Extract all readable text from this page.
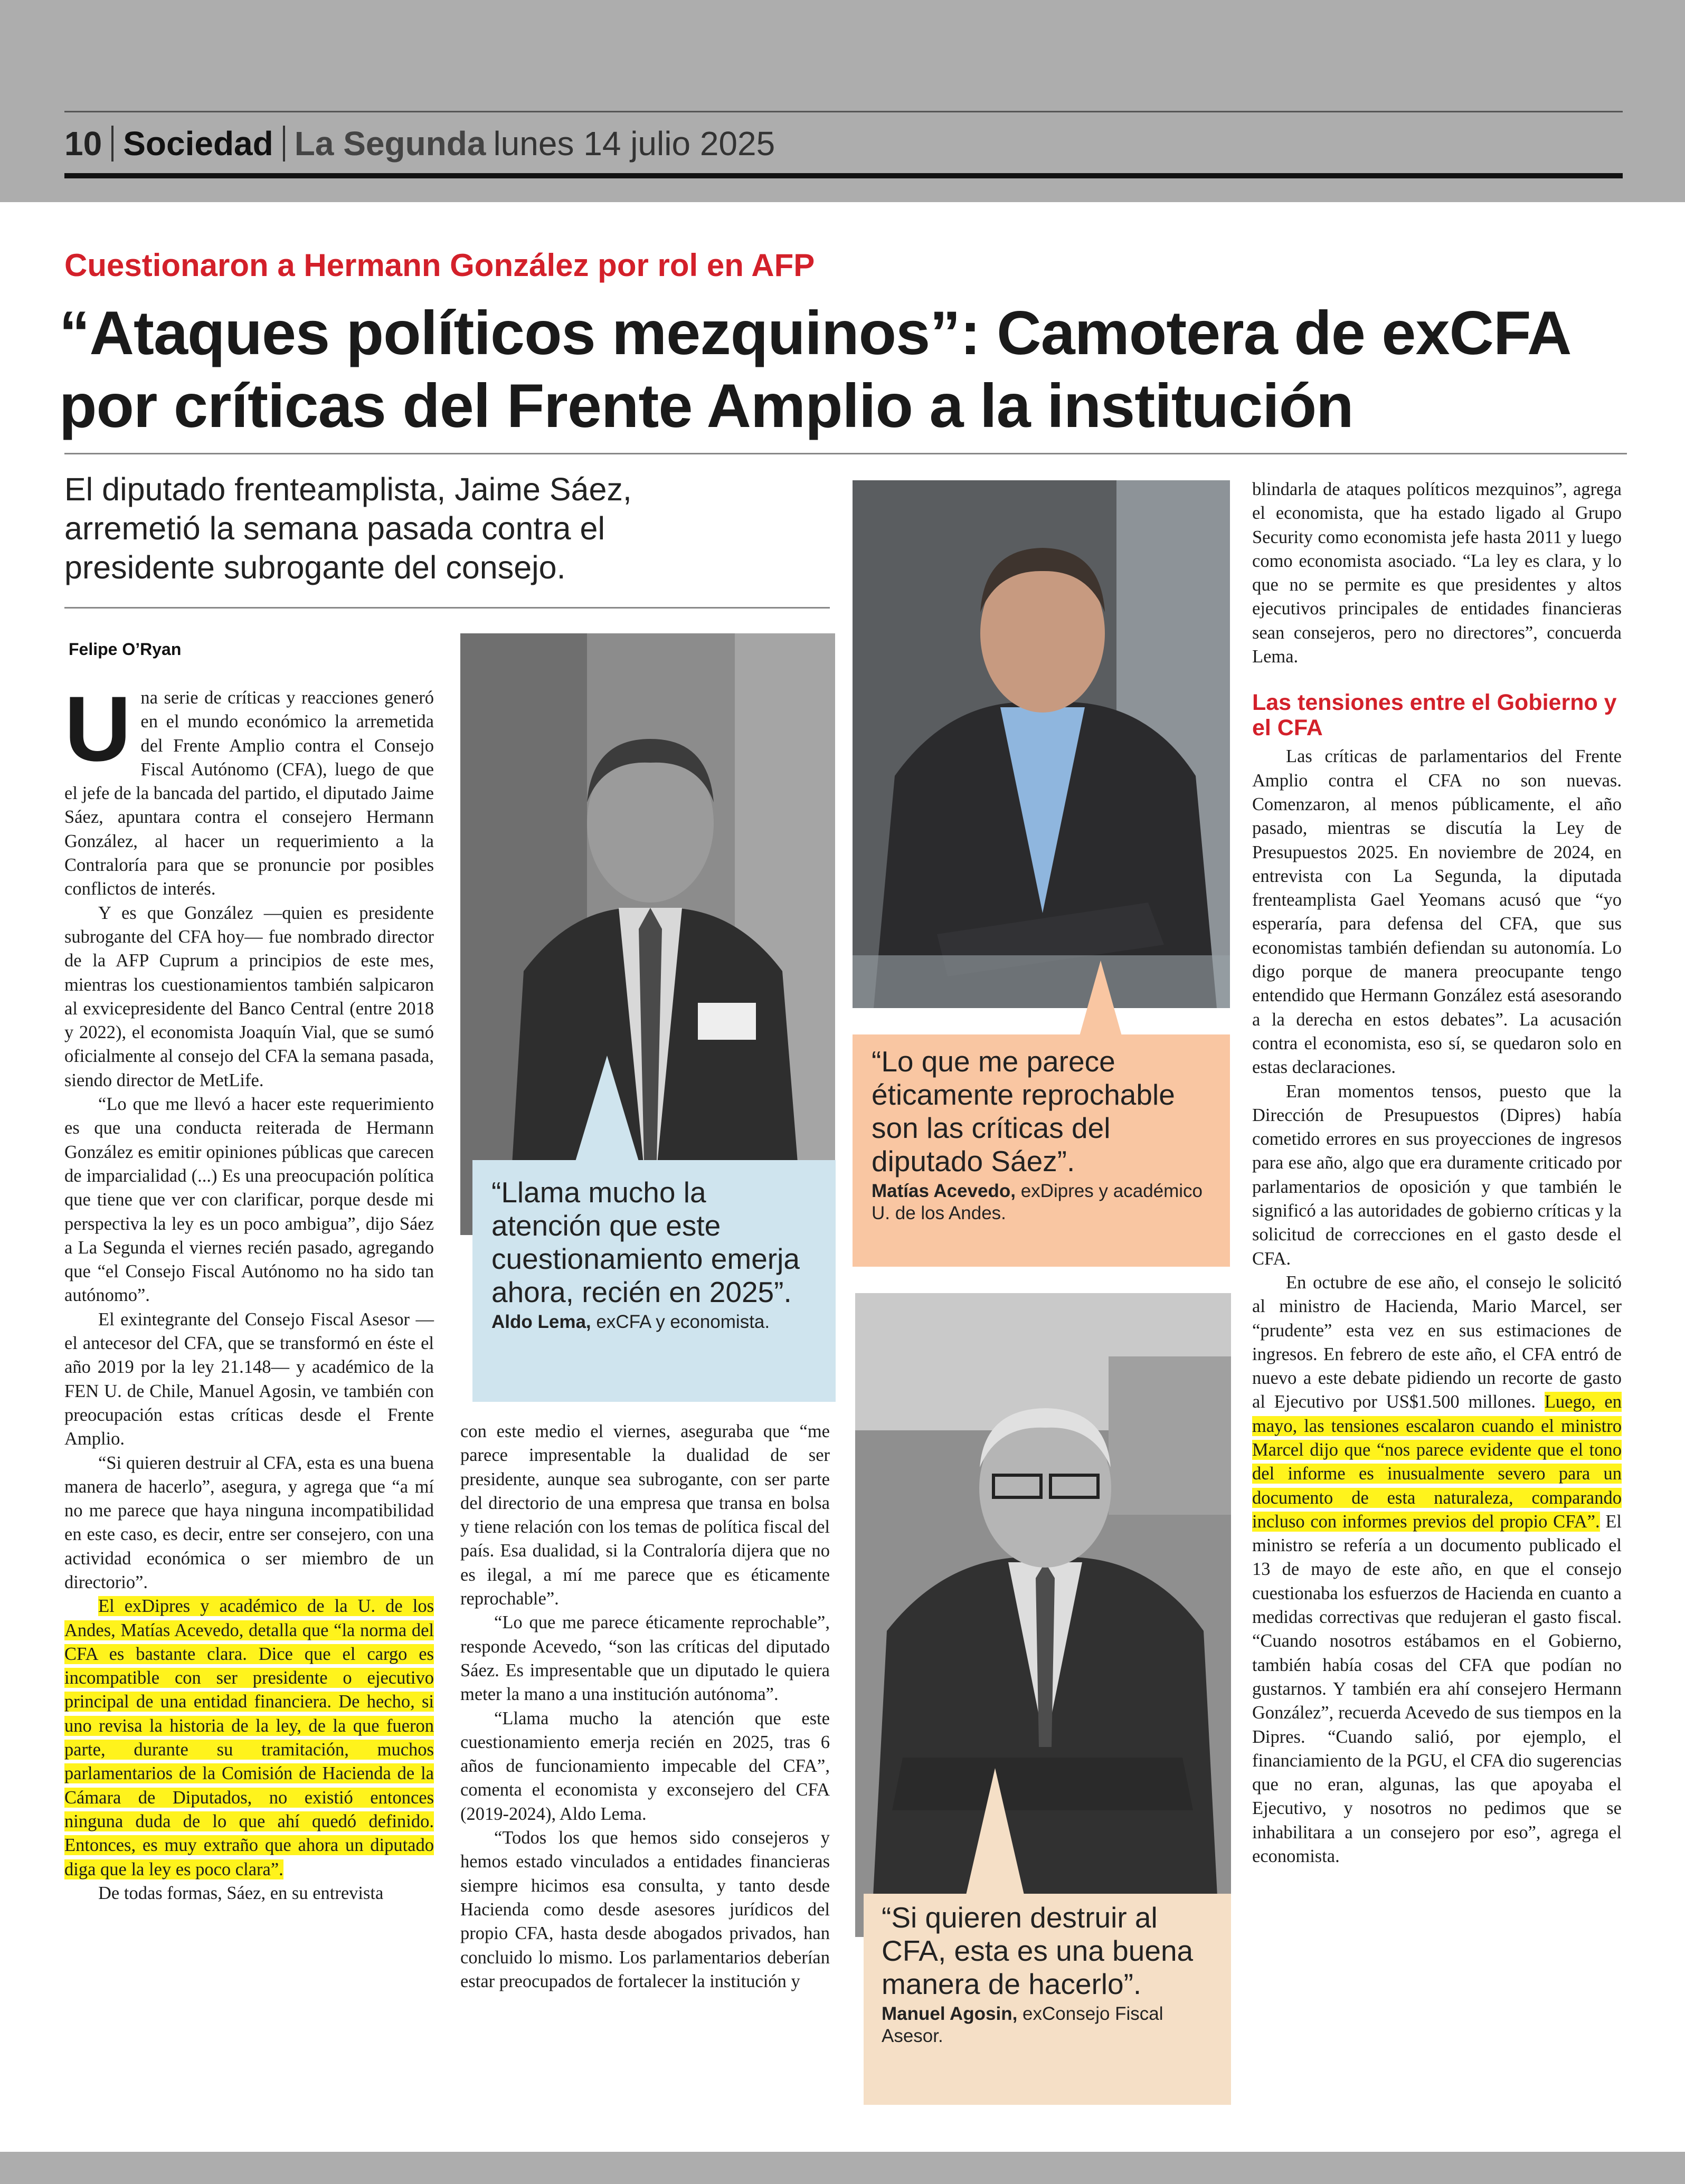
10 Sociedad La Segunda lunes 14 julio 2025
Cuestionaron a Hermann González por rol en AFP
“Ataques políticos mezquinos”: Camotera de exCFA
por críticas del Frente Amplio a la institución
El diputado frenteamplista, Jaime Sáez,
arremetió la semana pasada contra el
presidente subrogante del consejo.
Felipe O’Ryan

Una serie de críticas y reacciones generó en el mundo económico la arremetida del Frente Amplio contra el Consejo Fiscal Autónomo (CFA), luego de que el jefe de la bancada del partido, el diputado Jaime Sáez, apuntara contra el consejero Hermann González, al hacer un requerimiento a la Contraloría para que se pronuncie por posibles conflictos de interés.

Y es que González —quien es presidente subrogante del CFA hoy— fue nombrado director de la AFP Cuprum a principios de este mes, mientras los cuestionamientos también salpicaron al exvicepresidente del Banco Central (entre 2018 y 2022), el economista Joaquín Vial, que se sumó oficialmente al consejo del CFA la semana pasada, siendo director de MetLife.

“Lo que me llevó a hacer este requerimiento es que una conducta reiterada de Hermann González es emitir opiniones públicas que carecen de imparcialidad (...) Es una preocupación política que tiene que ver con clarificar, porque desde mi perspectiva la ley es un poco ambigua”, dijo Sáez a La Segunda el viernes recién pasado, agregando que “el Consejo Fiscal Autónomo no ha sido tan autónomo”.

El exintegrante del Consejo Fiscal Asesor —el antecesor del CFA, que se transformó en éste el año 2019 por la ley 21.148— y académico de la FEN U. de Chile, Manuel Agosin, ve también con preocupación estas críticas desde el Frente Amplio.

“Si quieren destruir al CFA, esta es una buena manera de hacerlo”, asegura, y agrega que “a mí no me parece que haya ninguna incompatibilidad en este caso, es decir, entre ser consejero, con una actividad económica o ser miembro de un directorio”.

El exDipres y académico de la U. de los Andes, Matías Acevedo, detalla que “la norma del CFA es bastante clara. Dice que el cargo es incompatible con ser presidente o ejecutivo principal de una entidad financiera. De hecho, si uno revisa la historia de la ley, de la que fueron parte, durante su tramitación, muchos parlamentarios de la Comisión de Hacienda de la Cámara de Diputados, no existió entonces ninguna duda de lo que ahí quedó definido. Entonces, es muy extraño que ahora un diputado diga que la ley es poco clara”.

De todas formas, Sáez, en su entrevista

“Llama mucho la atención que este cuestionamiento emerja ahora, recién en 2025”.
Aldo Lema, exCFA y economista.

con este medio el viernes, aseguraba que “me parece impresentable la dualidad de ser presidente, aunque sea subrogante, con ser parte del directorio de una empresa que transa en bolsa y tiene relación con los temas de política fiscal del país. Esa dualidad, si la Contraloría dijera que no es ilegal, a mí me parece que es éticamente reprochable”.

“Lo que me parece éticamente reprochable”, responde Acevedo, “son las críticas del diputado Sáez. Es impresentable que un diputado le quiera meter la mano a una institución autónoma”.

“Llama mucho la atención que este cuestionamiento emerja recién en 2025, tras 6 años de funcionamiento impecable del CFA”, comenta el economista y exconsejero del CFA (2019-2024), Aldo Lema.

“Todos los que hemos sido consejeros y hemos estado vinculados a entidades financieras siempre hicimos esa consulta, y tanto desde Hacienda como desde asesores jurídicos del propio CFA, hasta desde abogados privados, han concluido lo mismo. Los parlamentarios deberían estar preocupados de fortalecer la institución y

“Lo que me parece éticamente reprochable son las críticas del diputado Sáez”.
Matías Acevedo, exDipres y académico U. de los Andes.
“Si quieren destruir al CFA, esta es una buena manera de hacerlo”.
Manuel Agosin, exConsejo Fiscal Asesor.

blindarla de ataques políticos mezquinos”, agrega el economista, que ha estado ligado al Grupo Security como economista jefe hasta 2011 y luego como economista asociado. “La ley es clara, y lo que no se permite es que presidentes y altos ejecutivos principales de entidades financieras sean consejeros, pero no directores”, concuerda Lema.

Las tensiones entre el Gobierno y el CFA

Las críticas de parlamentarios del Frente Amplio contra el CFA no son nuevas. Comenzaron, al menos públicamente, el año pasado, mientras se discutía la Ley de Presupuestos 2025. En noviembre de 2024, en entrevista con La Segunda, la diputada frenteamplista Gael Yeomans acusó que “yo esperaría, para defensa del CFA, que sus economistas también defiendan su autonomía. Lo digo porque de manera preocupante tengo entendido que Hermann González está asesorando a la derecha en estos debates”. La acusación contra el economista, eso sí, se quedaron solo en estas declaraciones.

Eran momentos tensos, puesto que la Dirección de Presupuestos (Dipres) había cometido errores en sus proyecciones de ingresos para ese año, algo que era duramente criticado por parlamentarios de oposición y que también le significó a las autoridades de gobierno críticas y la solicitud de correcciones en el gasto desde el CFA.

En octubre de ese año, el consejo le solicitó al ministro de Hacienda, Mario Marcel, ser “prudente” esta vez en sus estimaciones de ingresos. En febrero de este año, el CFA entró de nuevo a este debate pidiendo un recorte de gasto al Ejecutivo por US$1.500 millones. Luego, en mayo, las tensiones escalaron cuando el ministro Marcel dijo que “nos parece evidente que el tono del informe es inusualmente severo para un documento de esta naturaleza, comparando incluso con informes previos del propio CFA”. El ministro se refería a un documento publicado el 13 de mayo de este año, en que el consejo cuestionaba los esfuerzos de Hacienda en cuanto a medidas correctivas que redujeran el gasto fiscal. “Cuando nosotros estábamos en el Gobierno, también había cosas del CFA que podían no gustarnos. Y también era ahí consejero Hermann González”, recuerda Acevedo de sus tiempos en la Dipres. “Cuando salió, por ejemplo, el financiamiento de la PGU, el CFA dio sugerencias que no eran, algunas, las que apoyaba el Ejecutivo, y nosotros no pedimos que se inhabilitara a un consejero por eso”, agrega el economista.
